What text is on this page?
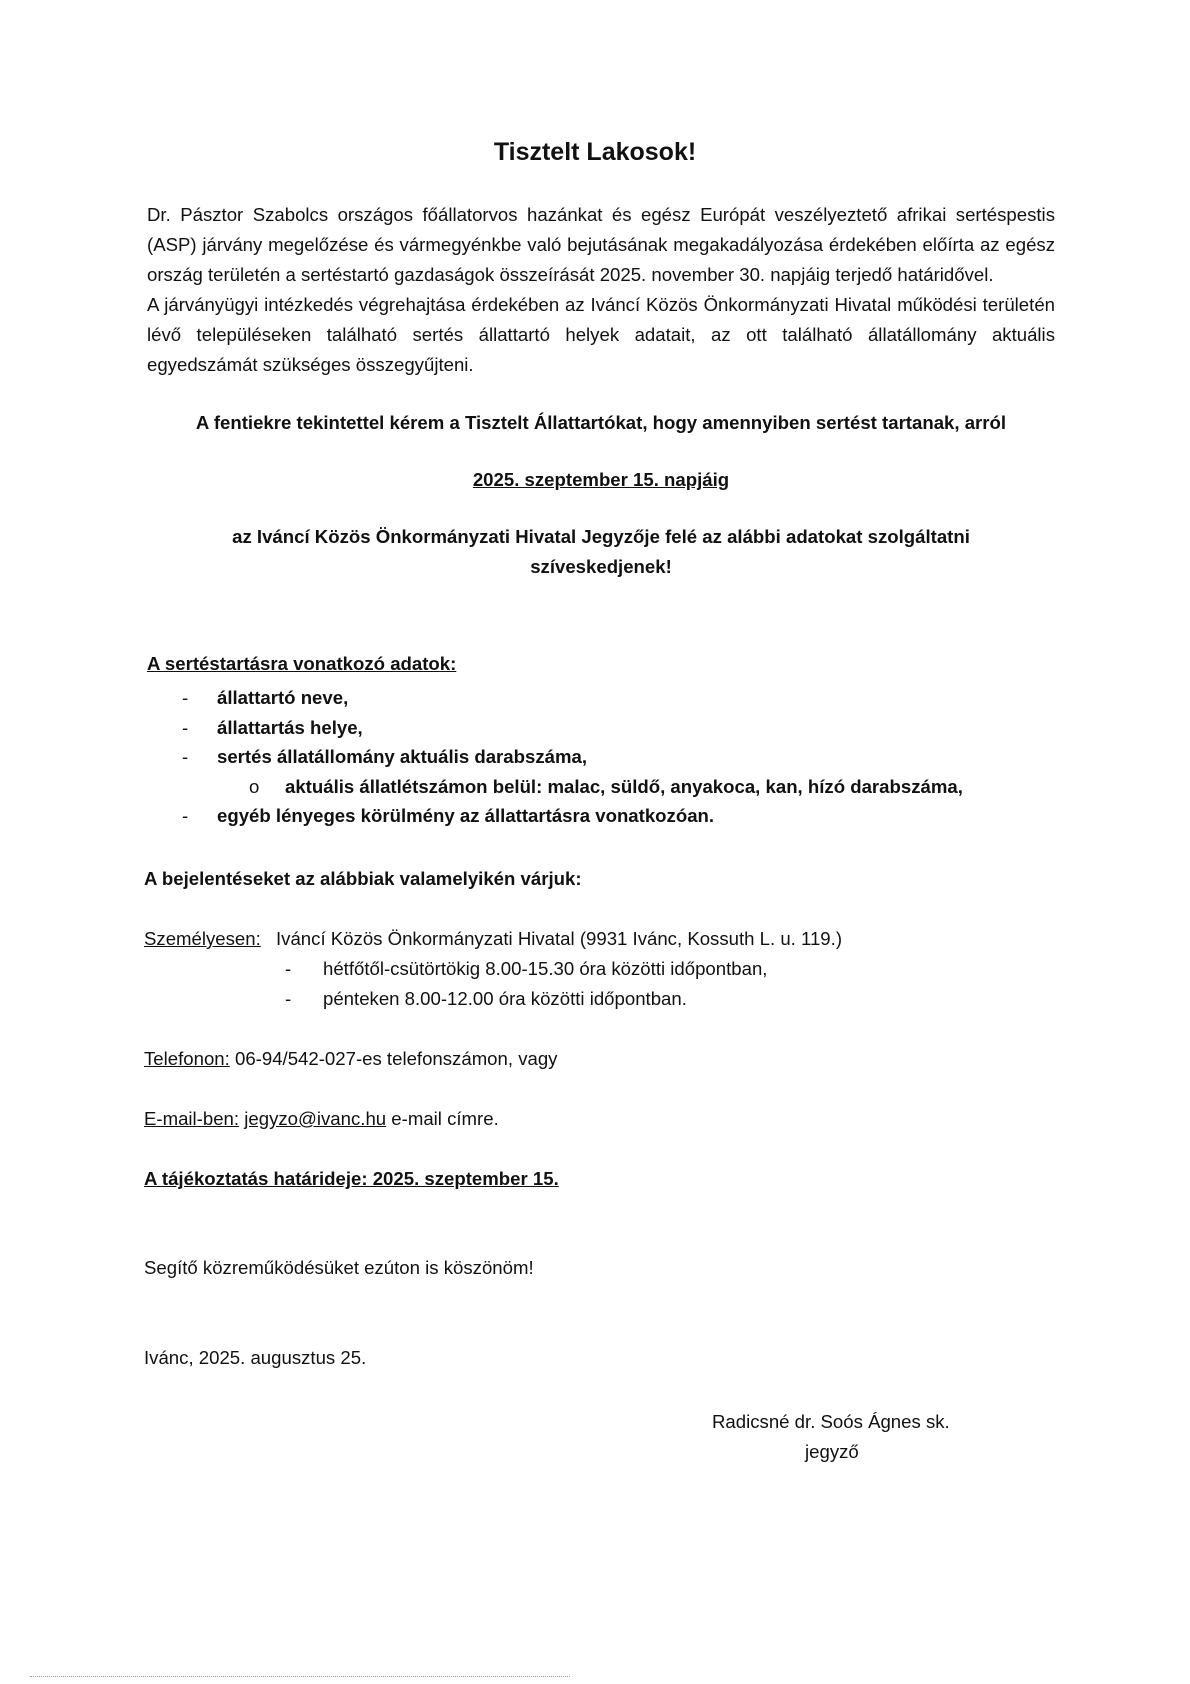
Tisztelt Lakosok!

Dr. Pásztor Szabolcs országos főállatorvos hazánkat és egész Európát veszélyeztető afrikai sertéspestis (ASP) járvány megelőzése és vármegyénkbe való bejutásának megakadályozása érdekében előírta az egész ország területén a sertéstartó gazdaságok összeírását 2025. november 30. napjáig terjedő határidővel.

A járványügyi intézkedés végrehajtása érdekében az Iváncí Közös Önkormányzati Hivatal működési területén lévő településeken található sertés állattartó helyek adatait, az ott található állatállomány aktuális egyedszámát szükséges összegyűjteni.

A fentiekre tekintettel kérem a Tisztelt Állattartókat, hogy amennyiben sertést tartanak, arról
2025. szeptember 15. napjáig
az Iváncí Közös Önkormányzati Hivatal Jegyzője felé az alábbi adatokat szolgáltatni szíveskedjenek!
A sertéstartásra vonatkozó adatok:
- állattartó neve,
- állattartás helye,
- sertés állatállomány aktuális darabszáma,
o aktuális állatlétszámon belül: malac, süldő, anyakoca, kan, hízó darabszáma,
- egyéb lényeges körülmény az állattartásra vonatkozóan.
A bejelentéseket az alábbiak valamelyikén várjuk:
Személyesen: Iváncí Közös Önkormányzati Hivatal (9931 Ivánc, Kossuth L. u. 119.)
- hétfőtől-csütörtökig 8.00-15.30 óra közötti időpontban,
- pénteken 8.00-12.00 óra közötti időpontban.
Telefonon: 06-94/542-027-es telefonszámon, vagy
E-mail-ben: jegyzo@ivanc.hu e-mail címre.
A tájékoztatás határideje: 2025. szeptember 15.
Segítő közreműködésüket ezúton is köszönöm!
Ivánc, 2025. augusztus 25.
Radicsné dr. Soós Ágnes sk.
jegyző
